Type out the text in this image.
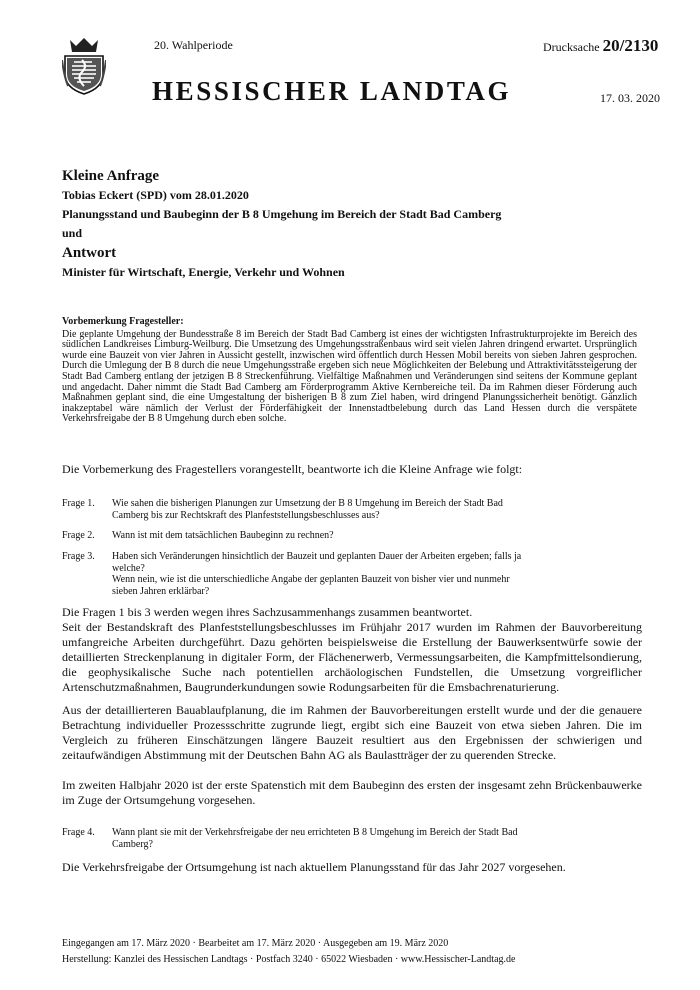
20. Wahlperiode	Drucksache 20/2130
HESSISCHER LANDTAG	17. 03. 2020
Kleine Anfrage
Tobias Eckert (SPD) vom 28.01.2020
Planungsstand und Baubeginn der B 8 Umgehung im Bereich der Stadt Bad Camberg
und
Antwort
Minister für Wirtschaft, Energie, Verkehr und Wohnen
Vorbemerkung Fragesteller:
Die geplante Umgehung der Bundesstraße 8 im Bereich der Stadt Bad Camberg ist eines der wichtigsten Infrastrukturprojekte im Bereich des südlichen Landkreises Limburg-Weilburg. Die Umsetzung des Umgehungsstraßenbaus wird seit vielen Jahren dringend erwartet. Ursprünglich wurde eine Bauzeit von vier Jahren in Aussicht gestellt, inzwischen wird öffentlich durch Hessen Mobil bereits von sieben Jahren gesprochen. Durch die Umlegung der B 8 durch die neue Umgehungsstraße ergeben sich neue Möglichkeiten der Belebung und Attraktivitätssteigerung der Stadt Bad Camberg entlang der jetzigen B 8 Streckenführung. Vielfältige Maßnahmen und Veränderungen sind seitens der Kommune geplant und angedacht. Daher nimmt die Stadt Bad Camberg am Förderprogramm Aktive Kernbereiche teil. Da im Rahmen dieser Förderung auch Maßnahmen geplant sind, die eine Umgestaltung der bisherigen B 8 zum Ziel haben, wird dringend Planungssicherheit benötigt. Gänzlich inakzeptabel wäre nämlich der Verlust der Förderfähigkeit der Innenstadtbelebung durch das Land Hessen durch die verspätete Verkehrsfreigabe der B 8 Umgehung durch eben solche.
Die Vorbemerkung des Fragestellers vorangestellt, beantworte ich die Kleine Anfrage wie folgt:
Frage 1. Wie sahen die bisherigen Planungen zur Umsetzung der B 8 Umgehung im Bereich der Stadt Bad Camberg bis zur Rechtskraft des Planfeststellungsbeschlusses aus?
Frage 2. Wann ist mit dem tatsächlichen Baubeginn zu rechnen?
Frage 3. Haben sich Veränderungen hinsichtlich der Bauzeit und geplanten Dauer der Arbeiten ergeben; falls ja welche?
Wenn nein, wie ist die unterschiedliche Angabe der geplanten Bauzeit von bisher vier und nunmehr sieben Jahren erklärbar?
Die Fragen 1 bis 3 werden wegen ihres Sachzusammenhangs zusammen beantwortet.
Seit der Bestandskraft des Planfeststellungsbeschlusses im Frühjahr 2017 wurden im Rahmen der Bauvorbereitung umfangreiche Arbeiten durchgeführt. Dazu gehörten beispielsweise die Erstellung der Bauwerksentwürfe sowie der detaillierten Streckenplanung in digitaler Form, der Flächenerwerb, Vermessungsarbeiten, die Kampfmittelsondierung, die geophysikalische Suche nach potentiellen archäologischen Fundstellen, die Umsetzung vorgreiflicher Artenschutzmaßnahmen, Baugrunderkundungen sowie Rodungsarbeiten für die Emsbachrenaturierung.
Aus der detaillierteren Bauablaufplanung, die im Rahmen der Bauvorbereitungen erstellt wurde und der die genauere Betrachtung individueller Prozessschritte zugrunde liegt, ergibt sich eine Bauzeit von etwa sieben Jahren. Die im Vergleich zu früheren Einschätzungen längere Bauzeit resultiert aus den Ergebnissen der schwierigen und zeitaufwändigen Abstimmung mit der Deutschen Bahn AG als Baulastträger der zu querenden Strecke.
Im zweiten Halbjahr 2020 ist der erste Spatenstich mit dem Baubeginn des ersten der insgesamt zehn Brückenbauwerke im Zuge der Ortsumgehung vorgesehen.
Frage 4. Wann plant sie mit der Verkehrsfreigabe der neu errichteten B 8 Umgehung im Bereich der Stadt Bad Camberg?
Die Verkehrsfreigabe der Ortsumgehung ist nach aktuellem Planungsstand für das Jahr 2027 vorgesehen.
Eingegangen am 17. März 2020 · Bearbeitet am 17. März 2020 · Ausgegeben am 19. März 2020
Herstellung: Kanzlei des Hessischen Landtags · Postfach 3240 · 65022 Wiesbaden · www.Hessischer-Landtag.de
